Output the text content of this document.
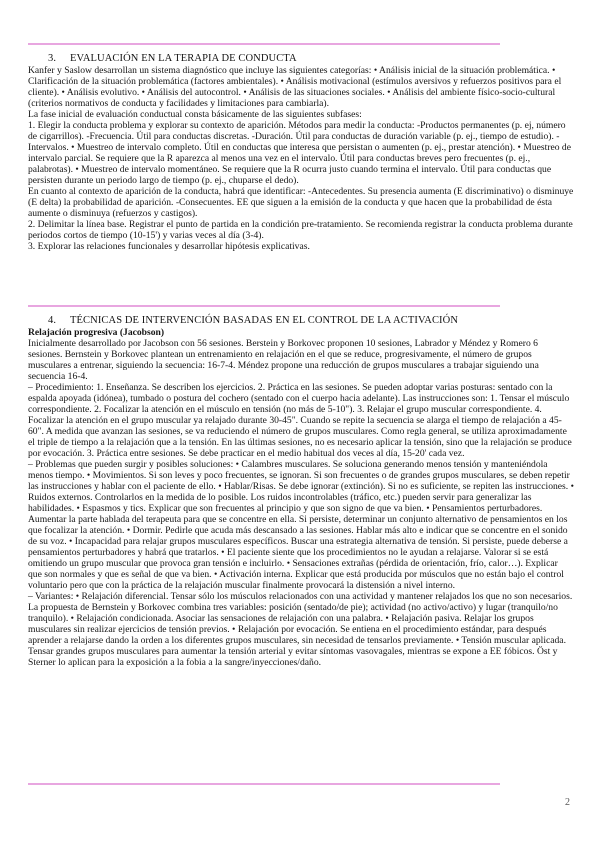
3. EVALUACIÓN EN LA TERAPIA DE CONDUCTA

Kanfer y Saslow desarrollan un sistema diagnóstico que incluye las siguientes categorías: • Análisis inicial de la situación problemática. • Clarificación de la situación problemática (factores ambientales). • Análisis motivacional (estímulos aversivos y refuerzos positivos para el cliente). • Análisis evolutivo. • Análisis del autocontrol. • Análisis de las situaciones sociales. • Análisis del ambiente físico-socio-cultural (criterios normativos de conducta y facilidades y limitaciones para cambiarla).

La fase inicial de evaluación conductual consta básicamente de las siguientes subfases:

1. Elegir la conducta problema y explorar su contexto de aparición. Métodos para medir la conducta: -Productos permanentes (p. ej, número de cigarrillos). -Frecuencia. Útil para conductas discretas. -Duración. Útil para conductas de duración variable (p. ej., tiempo de estudio). -Intervalos. • Muestreo de intervalo completo. Útil en conductas que interesa que persistan o aumenten (p. ej., prestar atención). • Muestreo de intervalo parcial. Se requiere que la R aparezca al menos una vez en el intervalo. Útil para conductas breves pero frecuentes (p. ej., palabrotas). • Muestreo de intervalo momentáneo. Se requiere que la R ocurra justo cuando termina el intervalo. Útil para conductas que persisten durante un periodo largo de tiempo (p. ej., chuparse el dedo).

En cuanto al contexto de aparición de la conducta, habrá que identificar: -Antecedentes. Su presencia aumenta (E discriminativo) o disminuye (E delta) la probabilidad de aparición. -Consecuentes. EE que siguen a la emisión de la conducta y que hacen que la probabilidad de ésta aumente o disminuya (refuerzos y castigos).

2. Delimitar la línea base. Registrar el punto de partida en la condición pre-tratamiento. Se recomienda registrar la conducta problema durante periodos cortos de tiempo (10-15') y varias veces al día (3-4).

3. Explorar las relaciones funcionales y desarrollar hipótesis explicativas.

4. TÉCNICAS DE INTERVENCIÓN BASADAS EN EL CONTROL DE LA ACTIVACIÓN
Relajación progresiva (Jacobson)

Inicialmente desarrollado por Jacobson con 56 sesiones. Berstein y Borkovec proponen 10 sesiones, Labrador y Méndez y Romero 6 sesiones. Bernstein y Borkovec plantean un entrenamiento en relajación en el que se reduce, progresivamente, el número de grupos musculares a entrenar, siguiendo la secuencia: 16-7-4. Méndez propone una reducción de grupos musculares a trabajar siguiendo una secuencia 16-4.

– Procedimiento: 1. Enseñanza. Se describen los ejercicios. 2. Práctica en las sesiones. Se pueden adoptar varias posturas: sentado con la espalda apoyada (idónea), tumbado o postura del cochero (sentado con el cuerpo hacia adelante). Las instrucciones son: 1. Tensar el músculo correspondiente. 2. Focalizar la atención en el músculo en tensión (no más de 5-10"). 3. Relajar el grupo muscular correspondiente. 4. Focalizar la atención en el grupo muscular ya relajado durante 30-45". Cuando se repite la secuencia se alarga el tiempo de relajación a 45-60". A medida que avanzan las sesiones, se va reduciendo el número de grupos musculares. Como regla general, se utiliza aproximadamente el triple de tiempo a la relajación que a la tensión. En las últimas sesiones, no es necesario aplicar la tensión, sino que la relajación se produce por evocación. 3. Práctica entre sesiones. Se debe practicar en el medio habitual dos veces al día, 15-20' cada vez.

– Problemas que pueden surgir y posibles soluciones: • Calambres musculares. Se soluciona generando menos tensión y manteniéndola menos tiempo. • Movimientos. Si son leves y poco frecuentes, se ignoran. Si son frecuentes o de grandes grupos musculares, se deben repetir las instrucciones y hablar con el paciente de ello. • Hablar/Risas. Se debe ignorar (extinción). Si no es suficiente, se repiten las instrucciones. • Ruidos externos. Controlarlos en la medida de lo posible. Los ruidos incontrolables (tráfico, etc.) pueden servir para generalizar las habilidades. • Espasmos y tics. Explicar que son frecuentes al principio y que son signo de que va bien. • Pensamientos perturbadores. Aumentar la parte hablada del terapeuta para que se concentre en ella. Si persiste, determinar un conjunto alternativo de pensamientos en los que focalizar la atención. • Dormir. Pedirle que acuda más descansado a las sesiones. Hablar más alto e indicar que se concentre en el sonido de su voz. • Incapacidad para relajar grupos musculares específicos. Buscar una estrategia alternativa de tensión. Si persiste, puede deberse a pensamientos perturbadores y habrá que tratarlos. • El paciente siente que los procedimientos no le ayudan a relajarse. Valorar si se está omitiendo un grupo muscular que provoca gran tensión e incluirlo. • Sensaciones extrañas (pérdida de orientación, frío, calor…). Explicar que son normales y que es señal de que va bien. • Activación interna. Explicar que está producida por músculos que no están bajo el control voluntario pero que con la práctica de la relajación muscular finalmente provocará la distensión a nivel interno.

– Variantes: • Relajación diferencial. Tensar sólo los músculos relacionados con una actividad y mantener relajados los que no son necesarios. La propuesta de Bernstein y Borkovec combina tres variables: posición (sentado/de pie); actividad (no activo/activo) y lugar (tranquilo/no tranquilo). • Relajación condicionada. Asociar las sensaciones de relajación con una palabra. • Relajación pasiva. Relajar los grupos musculares sin realizar ejercicios de tensión previos. • Relajación por evocación. Se entiena en el procedimiento estándar, para después aprender a relajarse dando la orden a los diferentes grupos musculares, sin necesidad de tensarlos previamente. • Tensión muscular aplicada. Tensar grandes grupos musculares para aumentar la tensión arterial y evitar síntomas vasovagales, mientras se expone a EE fóbicos. Öst y Sterner lo aplican para la exposición a la fobia a la sangre/inyecciones/daño.

2
